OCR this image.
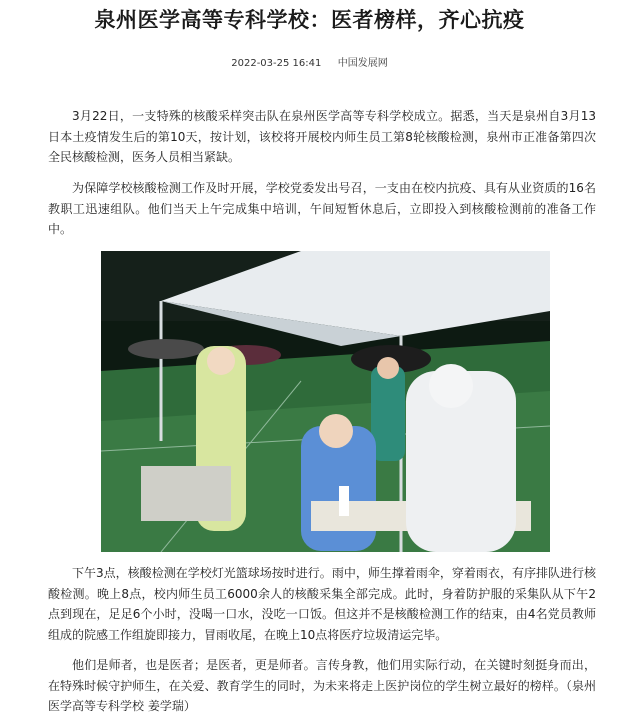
泉州医学高等专科学校：医者榜样，齐心抗疫
2022-03-25 16:41 中国发展网

3月22日，一支特殊的核酸采样突击队在泉州医学高等专科学校成立。据悉，当天是泉州自3月13日本土疫情发生后的第10天，按计划，该校将开展校内师生员工第8轮核酸检测，泉州市正准备第四次全民核酸检测，医务人员相当紧缺。

为保障学校核酸检测工作及时开展，学校党委发出号召，一支由在校内抗疫、具有从业资质的16名教职工迅速组队。他们当天上午完成集中培训，午间短暂休息后，立即投入到核酸检测前的准备工作中。

下午3点，核酸检测在学校灯光篮球场按时进行。雨中，师生撑着雨伞，穿着雨衣，有序排队进行核酸检测。晚上8点，校内师生员工6000余人的核酸采集全部完成。此时，身着防护服的采集队从下午2点到现在，足足6个小时，没喝一口水，没吃一口饭。但这并不是核酸检测工作的结束，由4名党员教师组成的院感工作组旋即接力，冒雨收尾，在晚上10点将医疗垃圾清运完毕。

他们是师者，也是医者；是医者，更是师者。言传身教，他们用实际行动，在关键时刻挺身而出，在特殊时候守护师生，在关爱、教育学生的同时，为未来将走上医护岗位的学生树立最好的榜样。（泉州医学高等专科学校 姜学瑞）
